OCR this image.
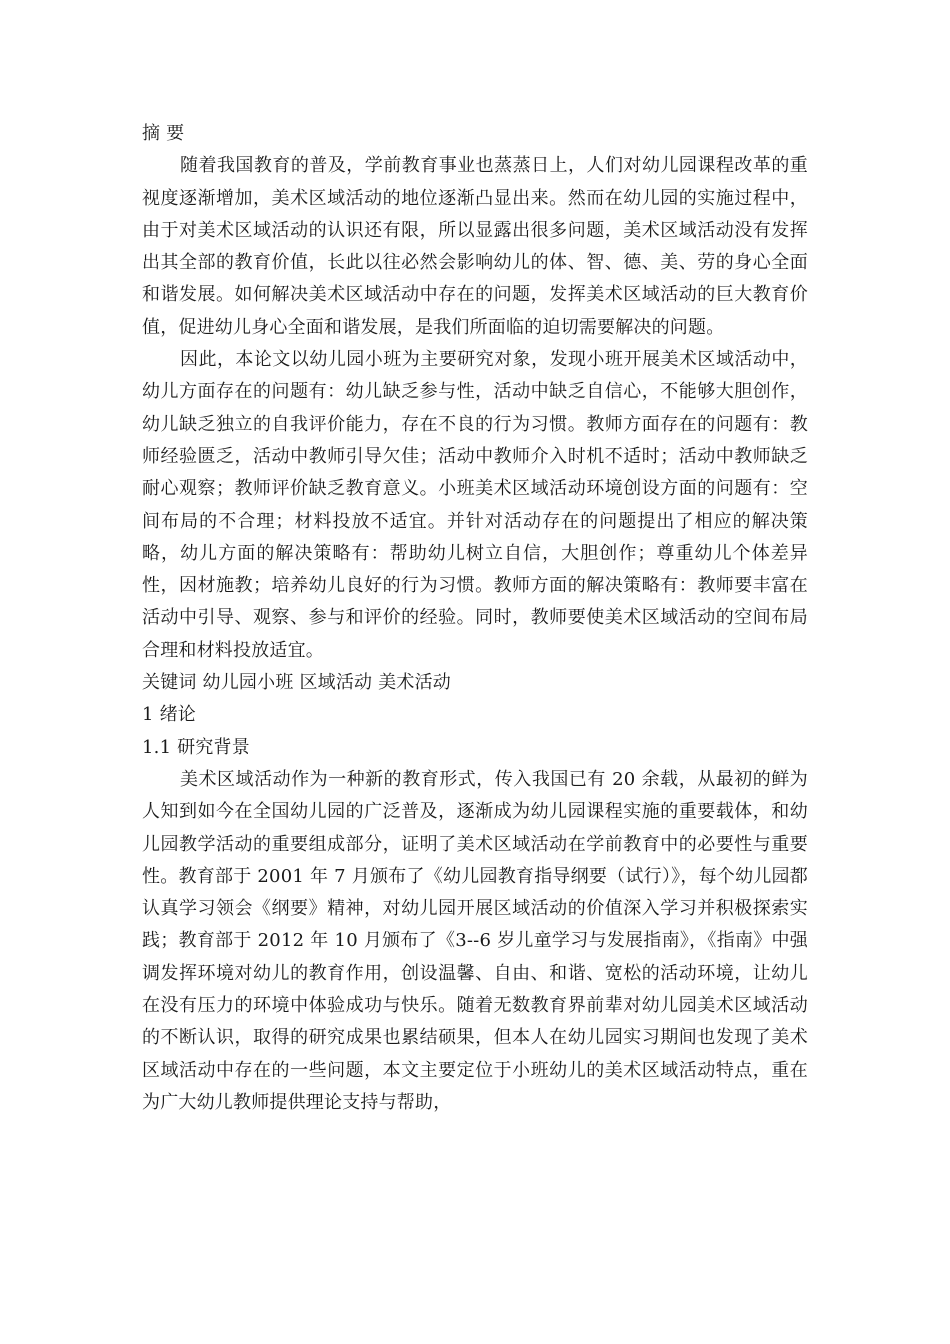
摘 要

随着我国教育的普及，学前教育事业也蒸蒸日上，人们对幼儿园课程改革的重视度逐渐增加，美术区域活动的地位逐渐凸显出来。然而在幼儿园的实施过程中，由于对美术区域活动的认识还有限，所以显露出很多问题，美术区域活动没有发挥出其全部的教育价值，长此以往必然会影响幼儿的体、智、德、美、劳的身心全面和谐发展。如何解决美术区域活动中存在的问题，发挥美术区域活动的巨大教育价值，促进幼儿身心全面和谐发展，是我们所面临的迫切需要解决的问题。

因此，本论文以幼儿园小班为主要研究对象，发现小班开展美术区域活动中，幼儿方面存在的问题有：幼儿缺乏参与性，活动中缺乏自信心，不能够大胆创作，幼儿缺乏独立的自我评价能力，存在不良的行为习惯。教师方面存在的问题有：教师经验匮乏，活动中教师引导欠佳；活动中教师介入时机不适时；活动中教师缺乏耐心观察；教师评价缺乏教育意义。小班美术区域活动环境创设方面的问题有：空间布局的不合理；材料投放不适宜。并针对活动存在的问题提出了相应的解决策略，幼儿方面的解决策略有：帮助幼儿树立自信，大胆创作；尊重幼儿个体差异性，因材施教；培养幼儿良好的行为习惯。教师方面的解决策略有：教师要丰富在活动中引导、观察、参与和评价的经验。同时，教师要使美术区域活动的空间布局合理和材料投放适宜。

关键词 幼儿园小班 区域活动 美术活动

1 绪论

1.1 研究背景

美术区域活动作为一种新的教育形式，传入我国已有 20 余载，从最初的鲜为人知到如今在全国幼儿园的广泛普及，逐渐成为幼儿园课程实施的重要载体，和幼儿园教学活动的重要组成部分，证明了美术区域活动在学前教育中的必要性与重要性。教育部于 2001 年 7 月颁布了《幼儿园教育指导纲要（试行）》，每个幼儿园都认真学习领会《纲要》精神，对幼儿园开展区域活动的价值深入学习并积极探索实践；教育部于 2012 年 10 月颁布了《3--6 岁儿童学习与发展指南》，《指南》中强调发挥环境对幼儿的教育作用，创设温馨、自由、和谐、宽松的活动环境，让幼儿在没有压力的环境中体验成功与快乐。随着无数教育界前辈对幼儿园美术区域活动的不断认识，取得的研究成果也累结硕果，但本人在幼儿园实习期间也发现了美术区域活动中存在的一些问题，本文主要定位于小班幼儿的美术区域活动特点，重在为广大幼儿教师提供理论支持与帮助，
